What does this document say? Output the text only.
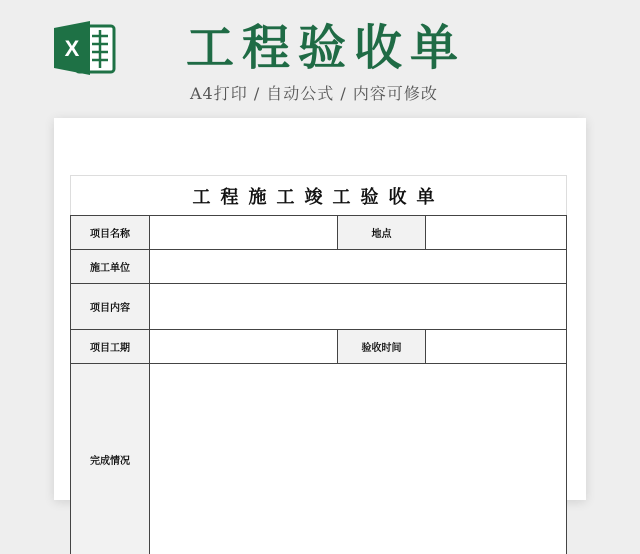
X 工程验收单
A4打印 / 自动公式 / 内容可修改
工程施工竣工验收单			
项目名称		地点	
施工单位			
项目内容			
项目工期		验收时间	
完成情况			
